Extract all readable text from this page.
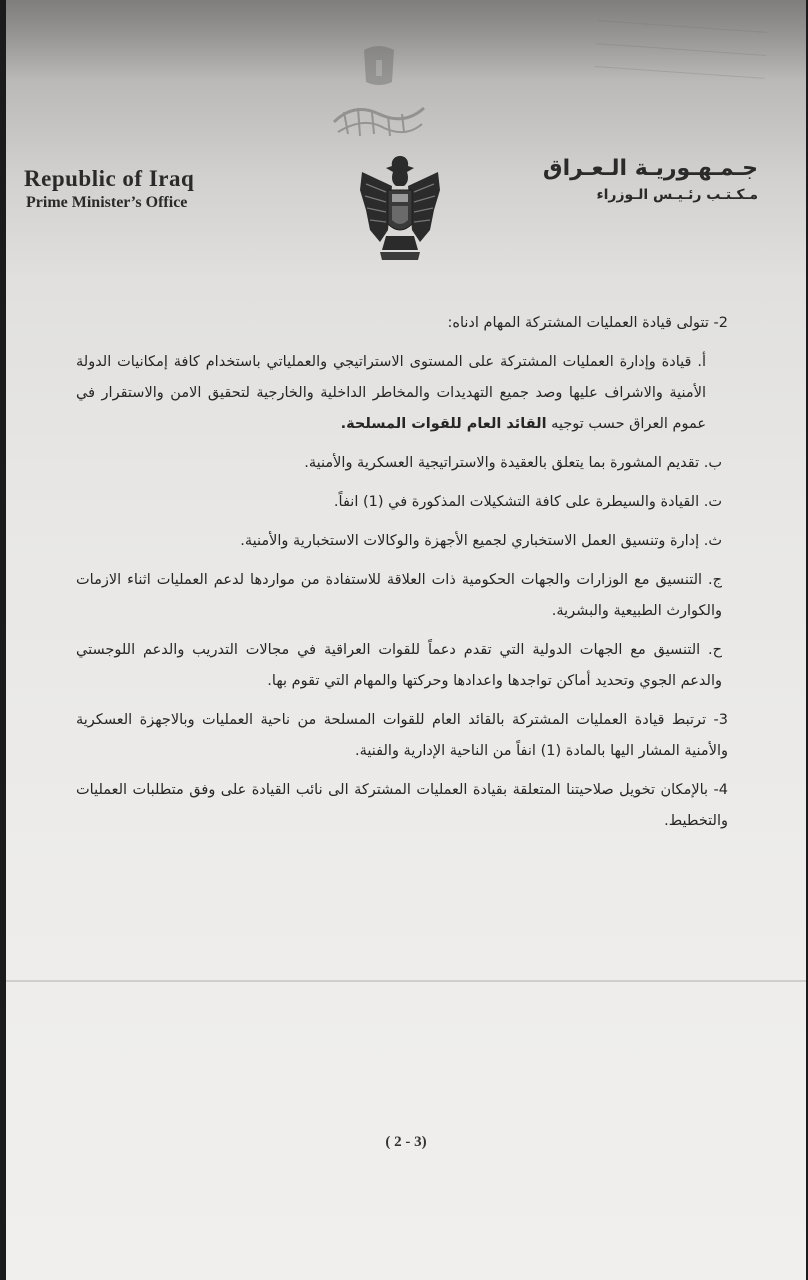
Republic of Iraq
Prime Minister’s Office
جـمـهـوريـة الـعـراق
مـكـتـب رئـيـس الـوزراء

2- تتولى قيادة العمليات المشتركة المهام ادناه:

أ. قيادة وإدارة العمليات المشتركة على المستوى الاستراتيجي والعملياتي باستخدام كافة إمكانيات الدولة الأمنية والاشراف عليها وصد جميع التهديدات والمخاطر الداخلية والخارجية لتحقيق الامن والاستقرار في عموم العراق حسب توجيه القائد العام للقوات المسلحة.

ب. تقديم المشورة بما يتعلق بالعقيدة والاستراتيجية العسكرية والأمنية.

ت. القيادة والسيطرة على كافة التشكيلات المذكورة في (1) انفاً.

ث. إدارة وتنسيق العمل الاستخباري لجميع الأجهزة والوكالات الاستخبارية والأمنية.

ج. التنسيق مع الوزارات والجهات الحكومية ذات العلاقة للاستفادة من مواردها لدعم العمليات اثناء الازمات والكوارث الطبيعية والبشرية.

ح. التنسيق مع الجهات الدولية التي تقدم دعماً للقوات العراقية في مجالات التدريب والدعم اللوجستي والدعم الجوي وتحديد أماكن تواجدها واعدادها وحركتها والمهام التي تقوم بها.

3- ترتبط قيادة العمليات المشتركة بالقائد العام للقوات المسلحة من ناحية العمليات وبالاجهزة العسكرية والأمنية المشار اليها بالمادة (1) انفاً من الناحية الإدارية والفنية.

4- بالإمكان تخويل صلاحيتنا المتعلقة بقيادة العمليات المشتركة الى نائب القيادة على وفق متطلبات العمليات والتخطيط.

( 2 - 3)
